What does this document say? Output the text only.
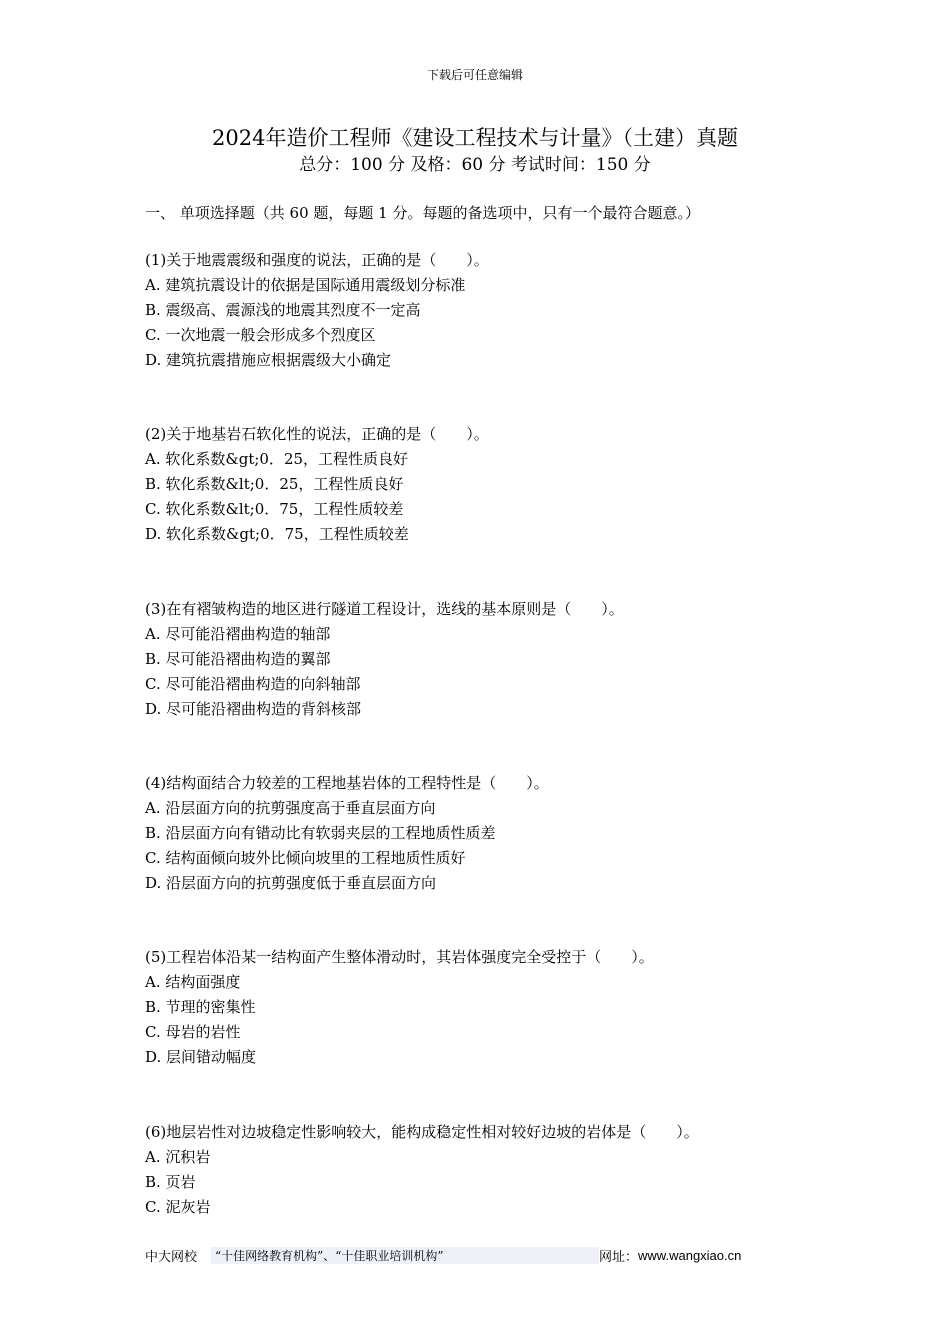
下载后可任意编辑
2024年造价工程师《建设工程技术与计量》（土建）真题
总分：100 分 及格：60 分 考试时间：150 分
一、 单项选择题（共 60 题，每题 1 分。每题的备选项中，只有一个最符合题意。）
(1)关于地震震级和强度的说法，正确的是（　　）。
A. 建筑抗震设计的依据是国际通用震级划分标准
B. 震级高、震源浅的地震其烈度不一定高
C. 一次地震一般会形成多个烈度区
D. 建筑抗震措施应根据震级大小确定
(2)关于地基岩石软化性的说法，正确的是（　　）。
A. 软化系数&gt;0．25，工程性质良好
B. 软化系数&lt;0．25，工程性质良好
C. 软化系数&lt;0．75，工程性质较差
D. 软化系数&gt;0．75，工程性质较差
(3)在有褶皱构造的地区进行隧道工程设计，选线的基本原则是（　　）。
A. 尽可能沿褶曲构造的轴部
B. 尽可能沿褶曲构造的翼部
C. 尽可能沿褶曲构造的向斜轴部
D. 尽可能沿褶曲构造的背斜核部
(4)结构面结合力较差的工程地基岩体的工程特性是（　　）。
A. 沿层面方向的抗剪强度高于垂直层面方向
B. 沿层面方向有错动比有软弱夹层的工程地质性质差
C. 结构面倾向坡外比倾向坡里的工程地质性质好
D. 沿层面方向的抗剪强度低于垂直层面方向
(5)工程岩体沿某一结构面产生整体滑动时，其岩体强度完全受控于（　　）。
A. 结构面强度
B. 节理的密集性
C. 母岩的岩性
D. 层间错动幅度
(6)地层岩性对边坡稳定性影响较大，能构成稳定性相对较好边坡的岩体是（　　）。
A. 沉积岩
B. 页岩
C. 泥灰岩
中大网校	“十佳网络教育机构”、“十佳职业培训机构”	网址： www.wangxiao.cn
